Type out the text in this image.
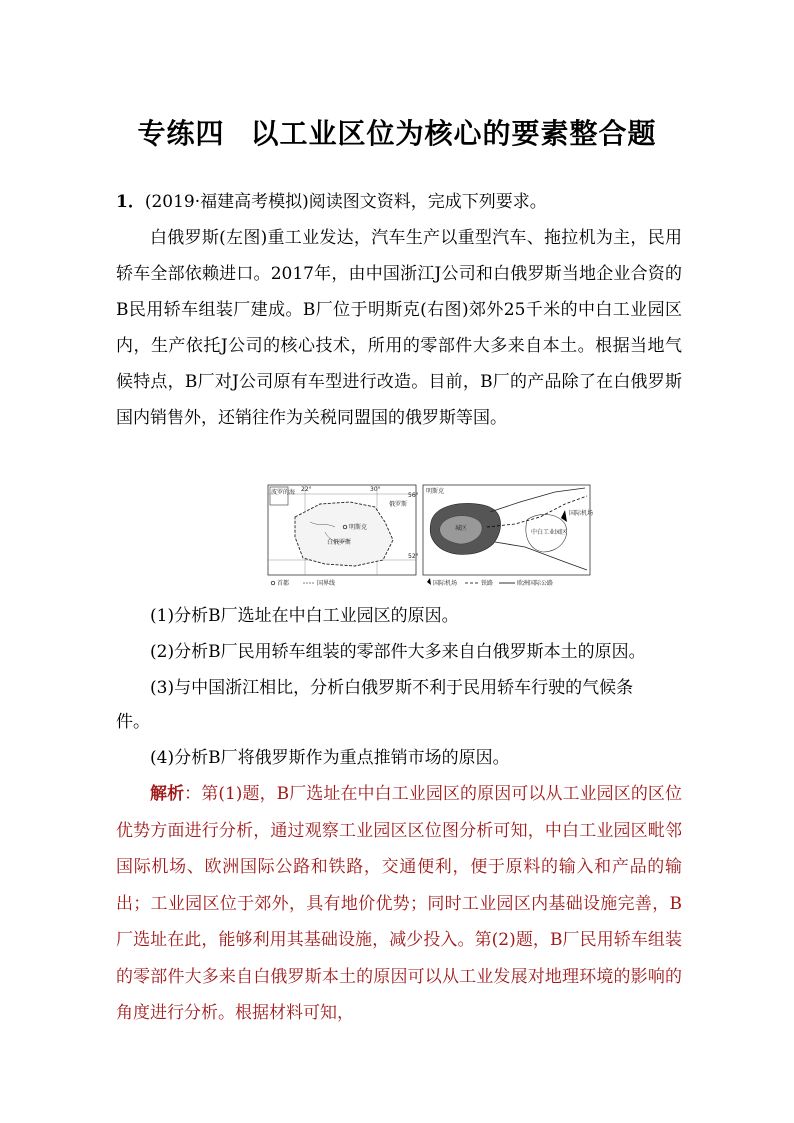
专练四 以工业区位为核心的要素整合题
1．(2019·福建高考模拟)阅读图文资料，完成下列要求。
白俄罗斯(左图)重工业发达，汽车生产以重型汽车、拖拉机为主，民用轿车全部依赖进口。2017年，由中国浙江J公司和白俄罗斯当地企业合资的B民用轿车组装厂建成。B厂位于明斯克(右图)郊外25千米的中白工业园区内，生产依托J公司的核心技术，所用的零部件大多来自本土。根据当地气候特点，B厂对J公司原有车型进行改造。目前，B厂的产品除了在白俄罗斯国内销售外，还销往作为关税同盟国的俄罗斯等国。
波罗的海 22°	30°
56°
52°
明斯克
白俄罗斯
俄罗斯
首都	国界线
明斯克
城区
中白工业园区
国际机场
国际机场	铁路	欧洲国际公路
(1)分析B厂选址在中白工业园区的原因。
(2)分析B厂民用轿车组装的零部件大多来自白俄罗斯本土的原因。
(3)与中国浙江相比，分析白俄罗斯不利于民用轿车行驶的气候条
件。
(4)分析B厂将俄罗斯作为重点推销市场的原因。
解析：第(1)题，B厂选址在中白工业园区的原因可以从工业园区的区位优势方面进行分析，通过观察工业园区区位图分析可知，中白工业园区毗邻国际机场、欧洲国际公路和铁路，交通便利，便于原料的输入和产品的输出；工业园区位于郊外，具有地价优势；同时工业园区内基础设施完善，B厂选址在此，能够利用其基础设施，减少投入。第(2)题，B厂民用轿车组装的零部件大多来自白俄罗斯本土的原因可以从工业发展对地理环境的影响的角度进行分析。根据材料可知，
